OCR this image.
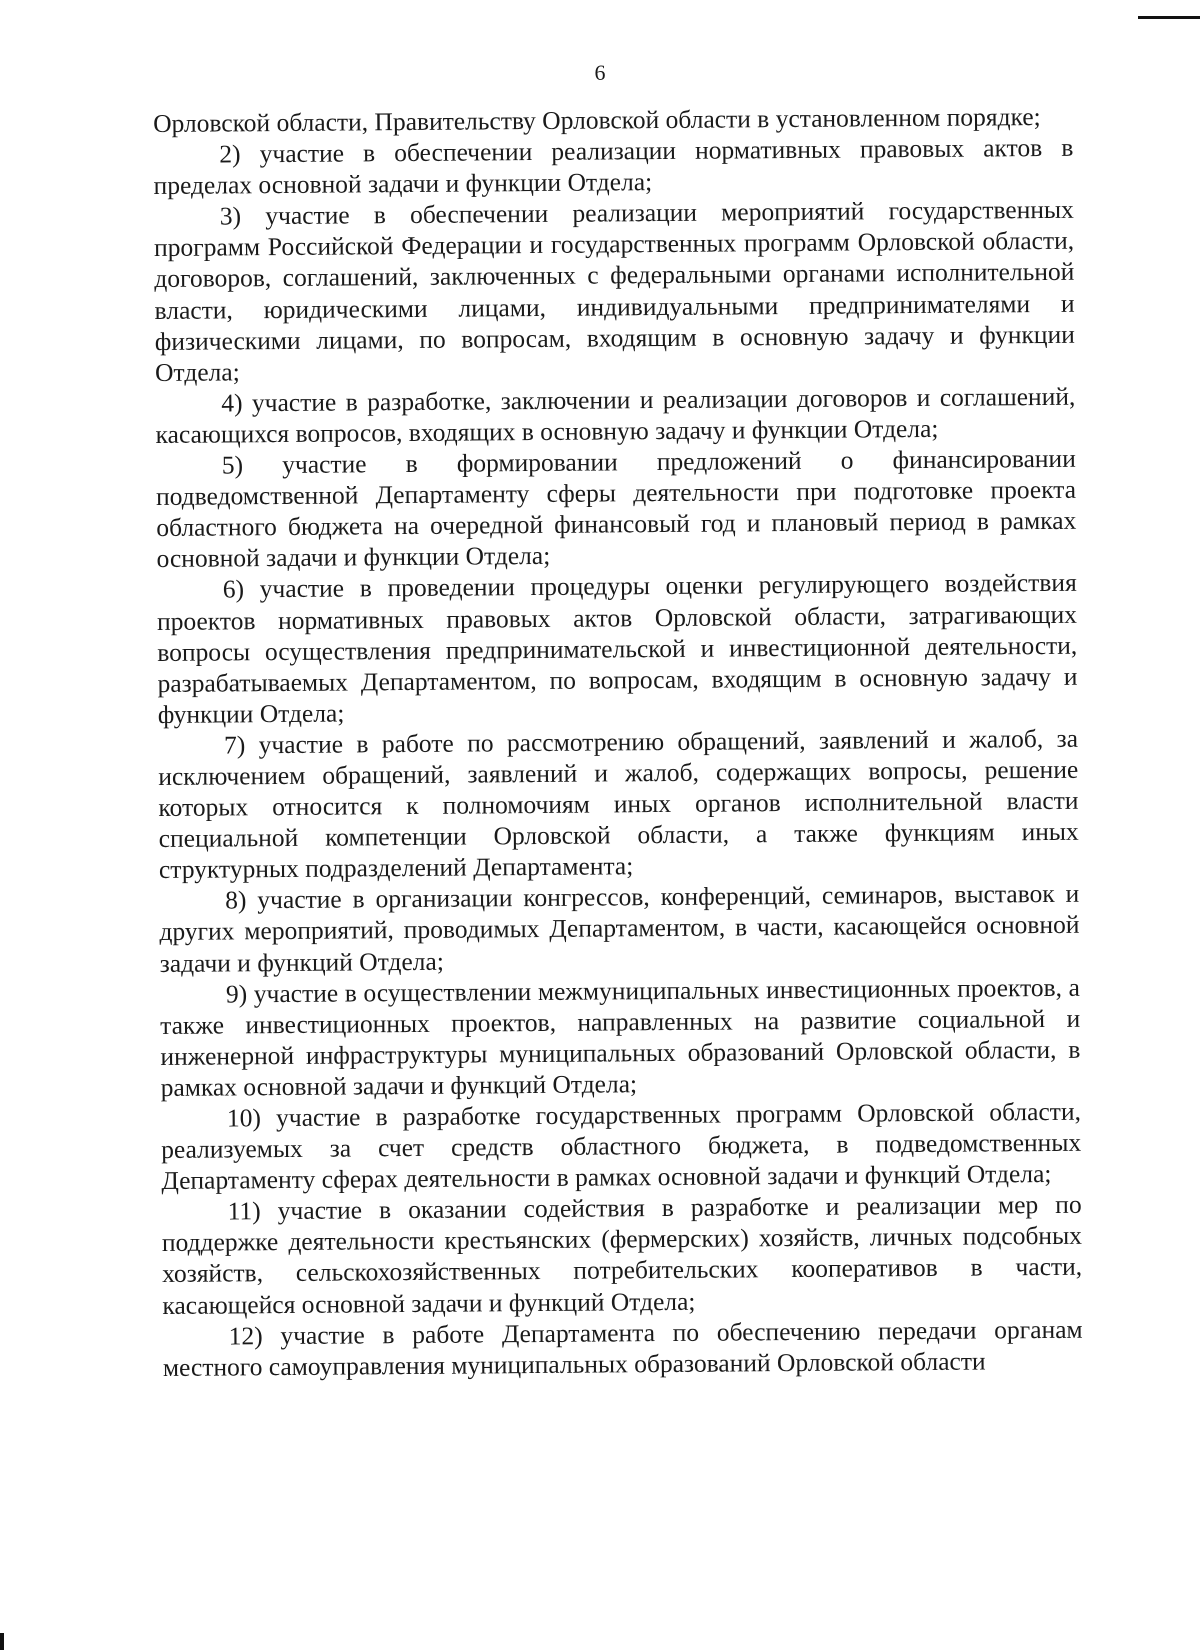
6

Орловской области, Правительству Орловской области в установленном порядке;

2) участие в обеспечении реализации нормативных правовых актов в пределах основной задачи и функции Отдела;

3) участие в обеспечении реализации мероприятий государственных программ Российской Федерации и государственных программ Орловской области, договоров, соглашений, заключенных с федеральными органами исполнительной власти, юридическими лицами, индивидуальными предпринимателями и физическими лицами, по вопросам, входящим в основную задачу и функции Отдела;

4) участие в разработке, заключении и реализации договоров и соглашений, касающихся вопросов, входящих в основную задачу и функции Отдела;

5) участие в формировании предложений о финансировании подведомственной Департаменту сферы деятельности при подготовке проекта областного бюджета на очередной финансовый год и плановый период в рамках основной задачи и функции Отдела;

6) участие в проведении процедуры оценки регулирующего воздействия проектов нормативных правовых актов Орловской области, затрагивающих вопросы осуществления предпринимательской и инвестиционной деятельности, разрабатываемых Департаментом, по вопросам, входящим в основную задачу и функции Отдела;

7) участие в работе по рассмотрению обращений, заявлений и жалоб, за исключением обращений, заявлений и жалоб, содержащих вопросы, решение которых относится к полномочиям иных органов исполнительной власти специальной компетенции Орловской области, а также функциям иных структурных подразделений Департамента;

8) участие в организации конгрессов, конференций, семинаров, выставок и других мероприятий, проводимых Департаментом, в части, касающейся основной задачи и функций Отдела;

9) участие в осуществлении межмуниципальных инвестиционных проектов, а также инвестиционных проектов, направленных на развитие социальной и инженерной инфраструктуры муниципальных образований Орловской области, в рамках основной задачи и функций Отдела;

10) участие в разработке государственных программ Орловской области, реализуемых за счет средств областного бюджета, в подведомственных Департаменту сферах деятельности в рамках основной задачи и функций Отдела;

11) участие в оказании содействия в разработке и реализации мер по поддержке деятельности крестьянских (фермерских) хозяйств, личных подсобных хозяйств, сельскохозяйственных потребительских кооперативов в части, касающейся основной задачи и функций Отдела;

12) участие в работе Департамента по обеспечению передачи органам местного самоуправления муниципальных образований Орловской области
